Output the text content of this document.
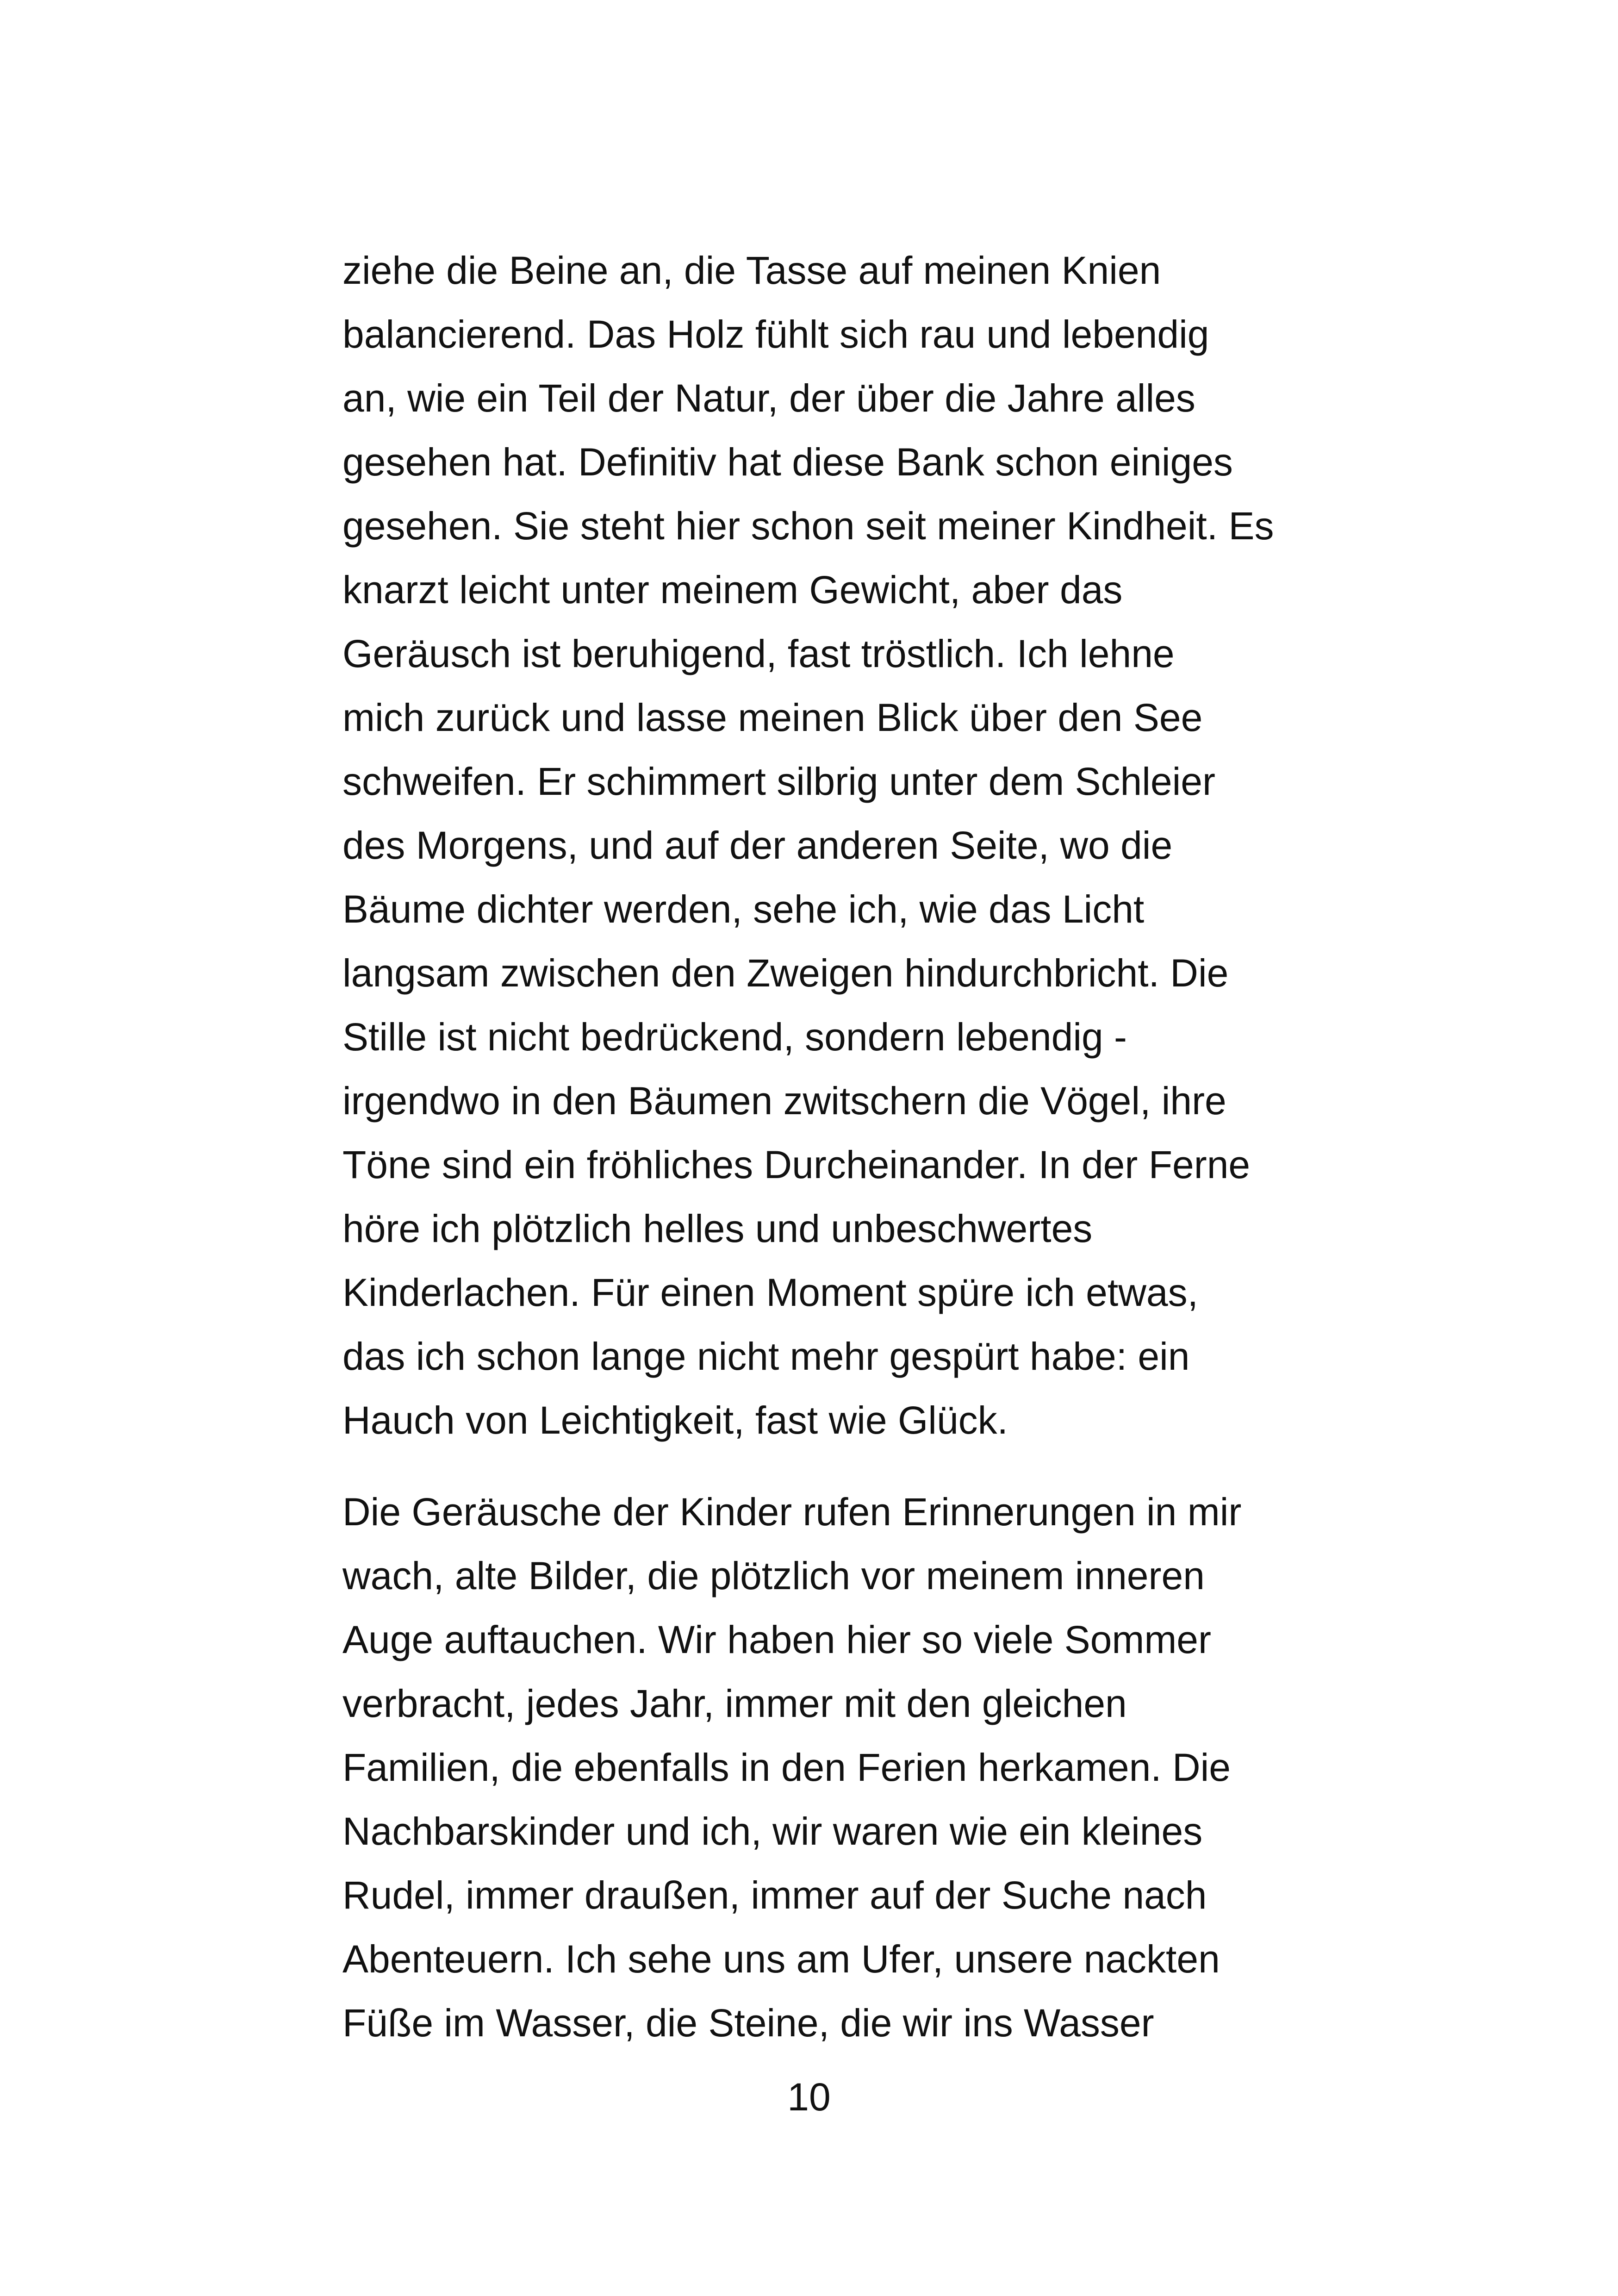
ziehe die Beine an, die Tasse auf meinen Knien
balancierend. Das Holz fühlt sich rau und lebendig
an, wie ein Teil der Natur, der über die Jahre alles
gesehen hat. Definitiv hat diese Bank schon einiges
gesehen. Sie steht hier schon seit meiner Kindheit. Es
knarzt leicht unter meinem Gewicht, aber das
Geräusch ist beruhigend, fast tröstlich. Ich lehne
mich zurück und lasse meinen Blick über den See
schweifen. Er schimmert silbrig unter dem Schleier
des Morgens, und auf der anderen Seite, wo die
Bäume dichter werden, sehe ich, wie das Licht
langsam zwischen den Zweigen hindurchbricht. Die
Stille ist nicht bedrückend, sondern lebendig -
irgendwo in den Bäumen zwitschern die Vögel, ihre
Töne sind ein fröhliches Durcheinander. In der Ferne
höre ich plötzlich helles und unbeschwertes
Kinderlachen. Für einen Moment spüre ich etwas,
das ich schon lange nicht mehr gespürt habe: ein
Hauch von Leichtigkeit, fast wie Glück.
Die Geräusche der Kinder rufen Erinnerungen in mir
wach, alte Bilder, die plötzlich vor meinem inneren
Auge auftauchen. Wir haben hier so viele Sommer
verbracht, jedes Jahr, immer mit den gleichen
Familien, die ebenfalls in den Ferien herkamen. Die
Nachbarskinder und ich, wir waren wie ein kleines
Rudel, immer draußen, immer auf der Suche nach
Abenteuern. Ich sehe uns am Ufer, unsere nackten
Füße im Wasser, die Steine, die wir ins Wasser
10
